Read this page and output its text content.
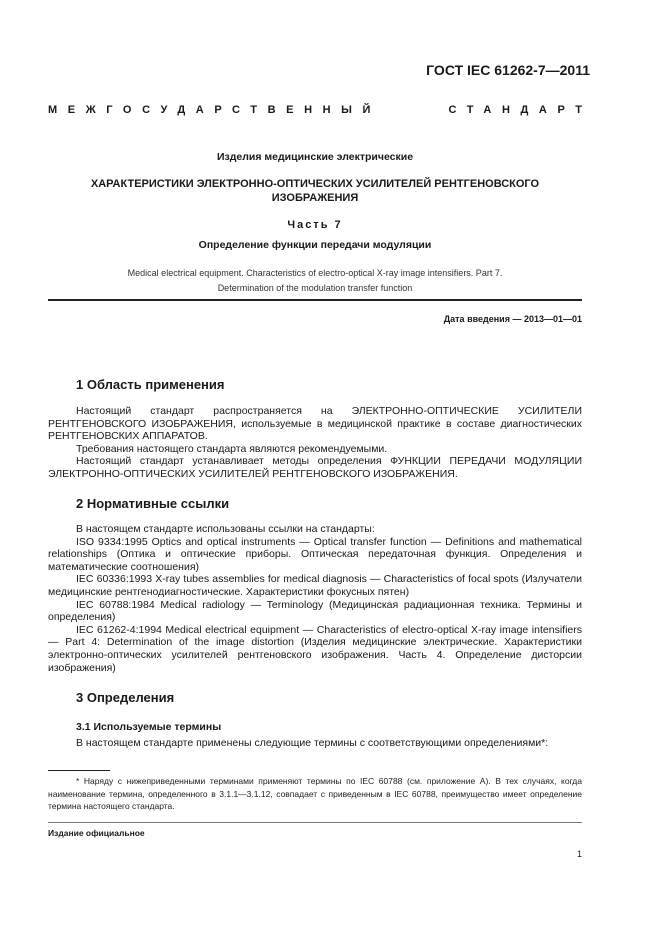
ГОСТ IEC 61262-7—2011
МЕЖГОСУДАРСТВЕННЫЙ	СТАНДАРТ
Изделия медицинские электрические
ХАРАКТЕРИСТИКИ ЭЛЕКТРОННО-ОПТИЧЕСКИХ УСИЛИТЕЛЕЙ РЕНТГЕНОВСКОГО
ИЗОБРАЖЕНИЯ
Часть 7
Определение функции передачи модуляции
Medical electrical equipment. Characteristics of electro-optical X-ray image intensifiers. Part 7.
Determination of the modulation transfer function
Дата введения — 2013—01—01
1 Область применения

Настоящий стандарт распространяется на ЭЛЕКТРОННО-ОПТИЧЕСКИЕ УСИЛИТЕЛИ РЕНТГЕНОВСКОГО ИЗОБРАЖЕНИЯ, используемые в медицинской практике в составе диагностических РЕНТГЕНОВСКИХ АППАРАТОВ.

Требования настоящего стандарта являются рекомендуемыми.

Настоящий стандарт устанавливает методы определения ФУНКЦИИ ПЕРЕДАЧИ МОДУЛЯЦИИ ЭЛЕКТРОННО-ОПТИЧЕСКИХ УСИЛИТЕЛЕЙ РЕНТГЕНОВСКОГО ИЗОБРАЖЕНИЯ.

2 Нормативные ссылки

В настоящем стандарте использованы ссылки на стандарты:

ISO 9334:1995 Optics and optical instruments — Optical transfer function — Definitions and mathematical relationships (Оптика и оптические приборы. Оптическая передаточная функция. Определения и математические соотношения)

IEC 60336:1993 X-ray tubes assemblies for medical diagnosis — Characteristics of focal spots (Излучатели медицинские рентгенодиагностические. Характеристики фокусных пятен)

IEC 60788:1984 Medical radiology — Terminology (Медицинская радиационная техника. Термины и определения)

IEC 61262-4:1994 Medical electrical equipment — Characteristics of electro-optical X-ray image intensifiers — Part 4: Determination of the image distortion (Изделия медицинские электрические. Характеристики электронно-оптических усилителей рентгеновского изображения. Часть 4. Определение дисторсии изображения)

3 Определения
3.1 Используемые термины

В настоящем стандарте применены следующие термины с соответствующими определениями*:

* Наряду с нижеприведенными терминами применяют термины по IEC 60788 (см. приложение А). В тех случаях, когда наименование термина, определенного в 3.1.1—3.1.12, совпадает с приведенным в IEC 60788, преимущество имеет определение термина настоящего стандарта.

Издание официальное
1
